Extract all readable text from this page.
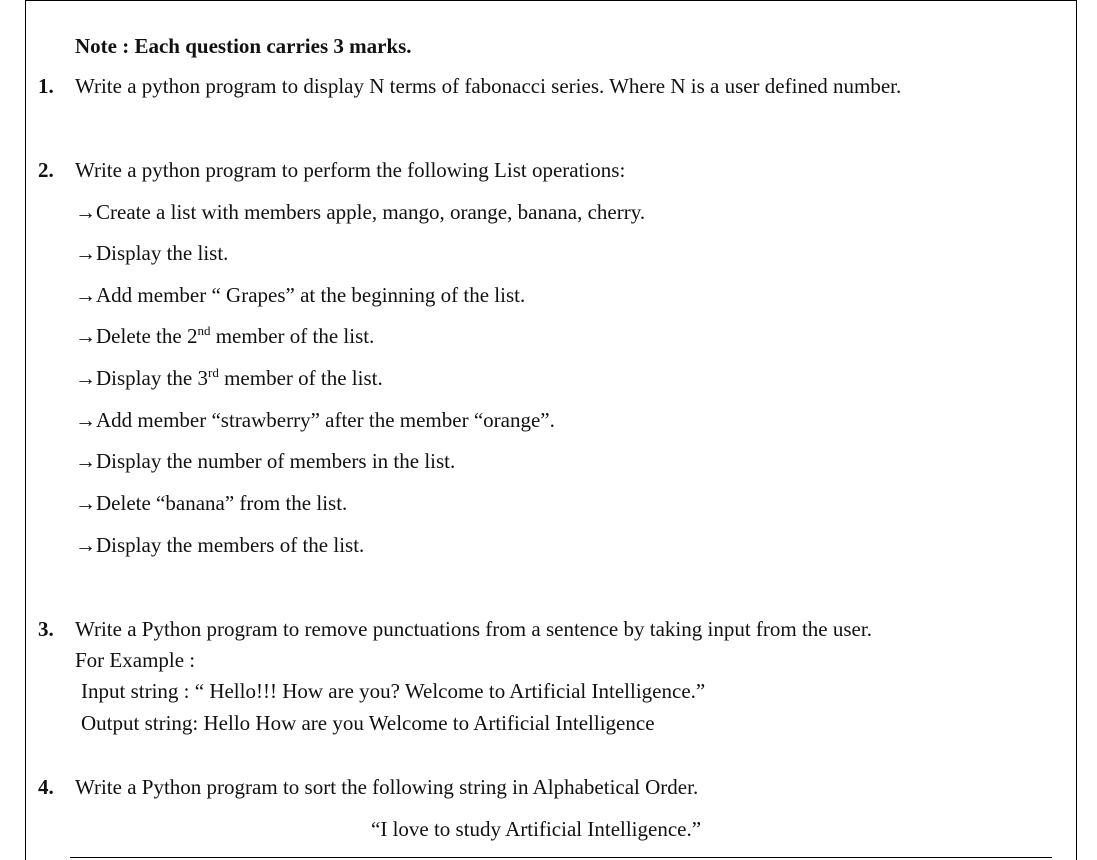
Note : Each question carries 3 marks.
1. Write a python program to display N terms of fabonacci series. Where N is a user defined number.
2. Write a python program to perform the following List operations:
→Create a list with members apple, mango, orange, banana, cherry.
→Display the list.
→Add member “ Grapes” at the beginning of the list.
→Delete the 2nd member of the list.
→Display the 3rd member of the list.
→Add member “strawberry” after the member “orange”.
→Display the number of members in the list.
→Delete “banana” from the list.
→Display the members of the list.
3. Write a Python program to remove punctuations from a sentence by taking input from the user.
For Example :
Input string : “ Hello!!! How are you? Welcome to Artificial Intelligence.”
Output string: Hello How are you Welcome to Artificial Intelligence
4. Write a Python program to sort the following string in Alphabetical Order.
“I love to study Artificial Intelligence.”
